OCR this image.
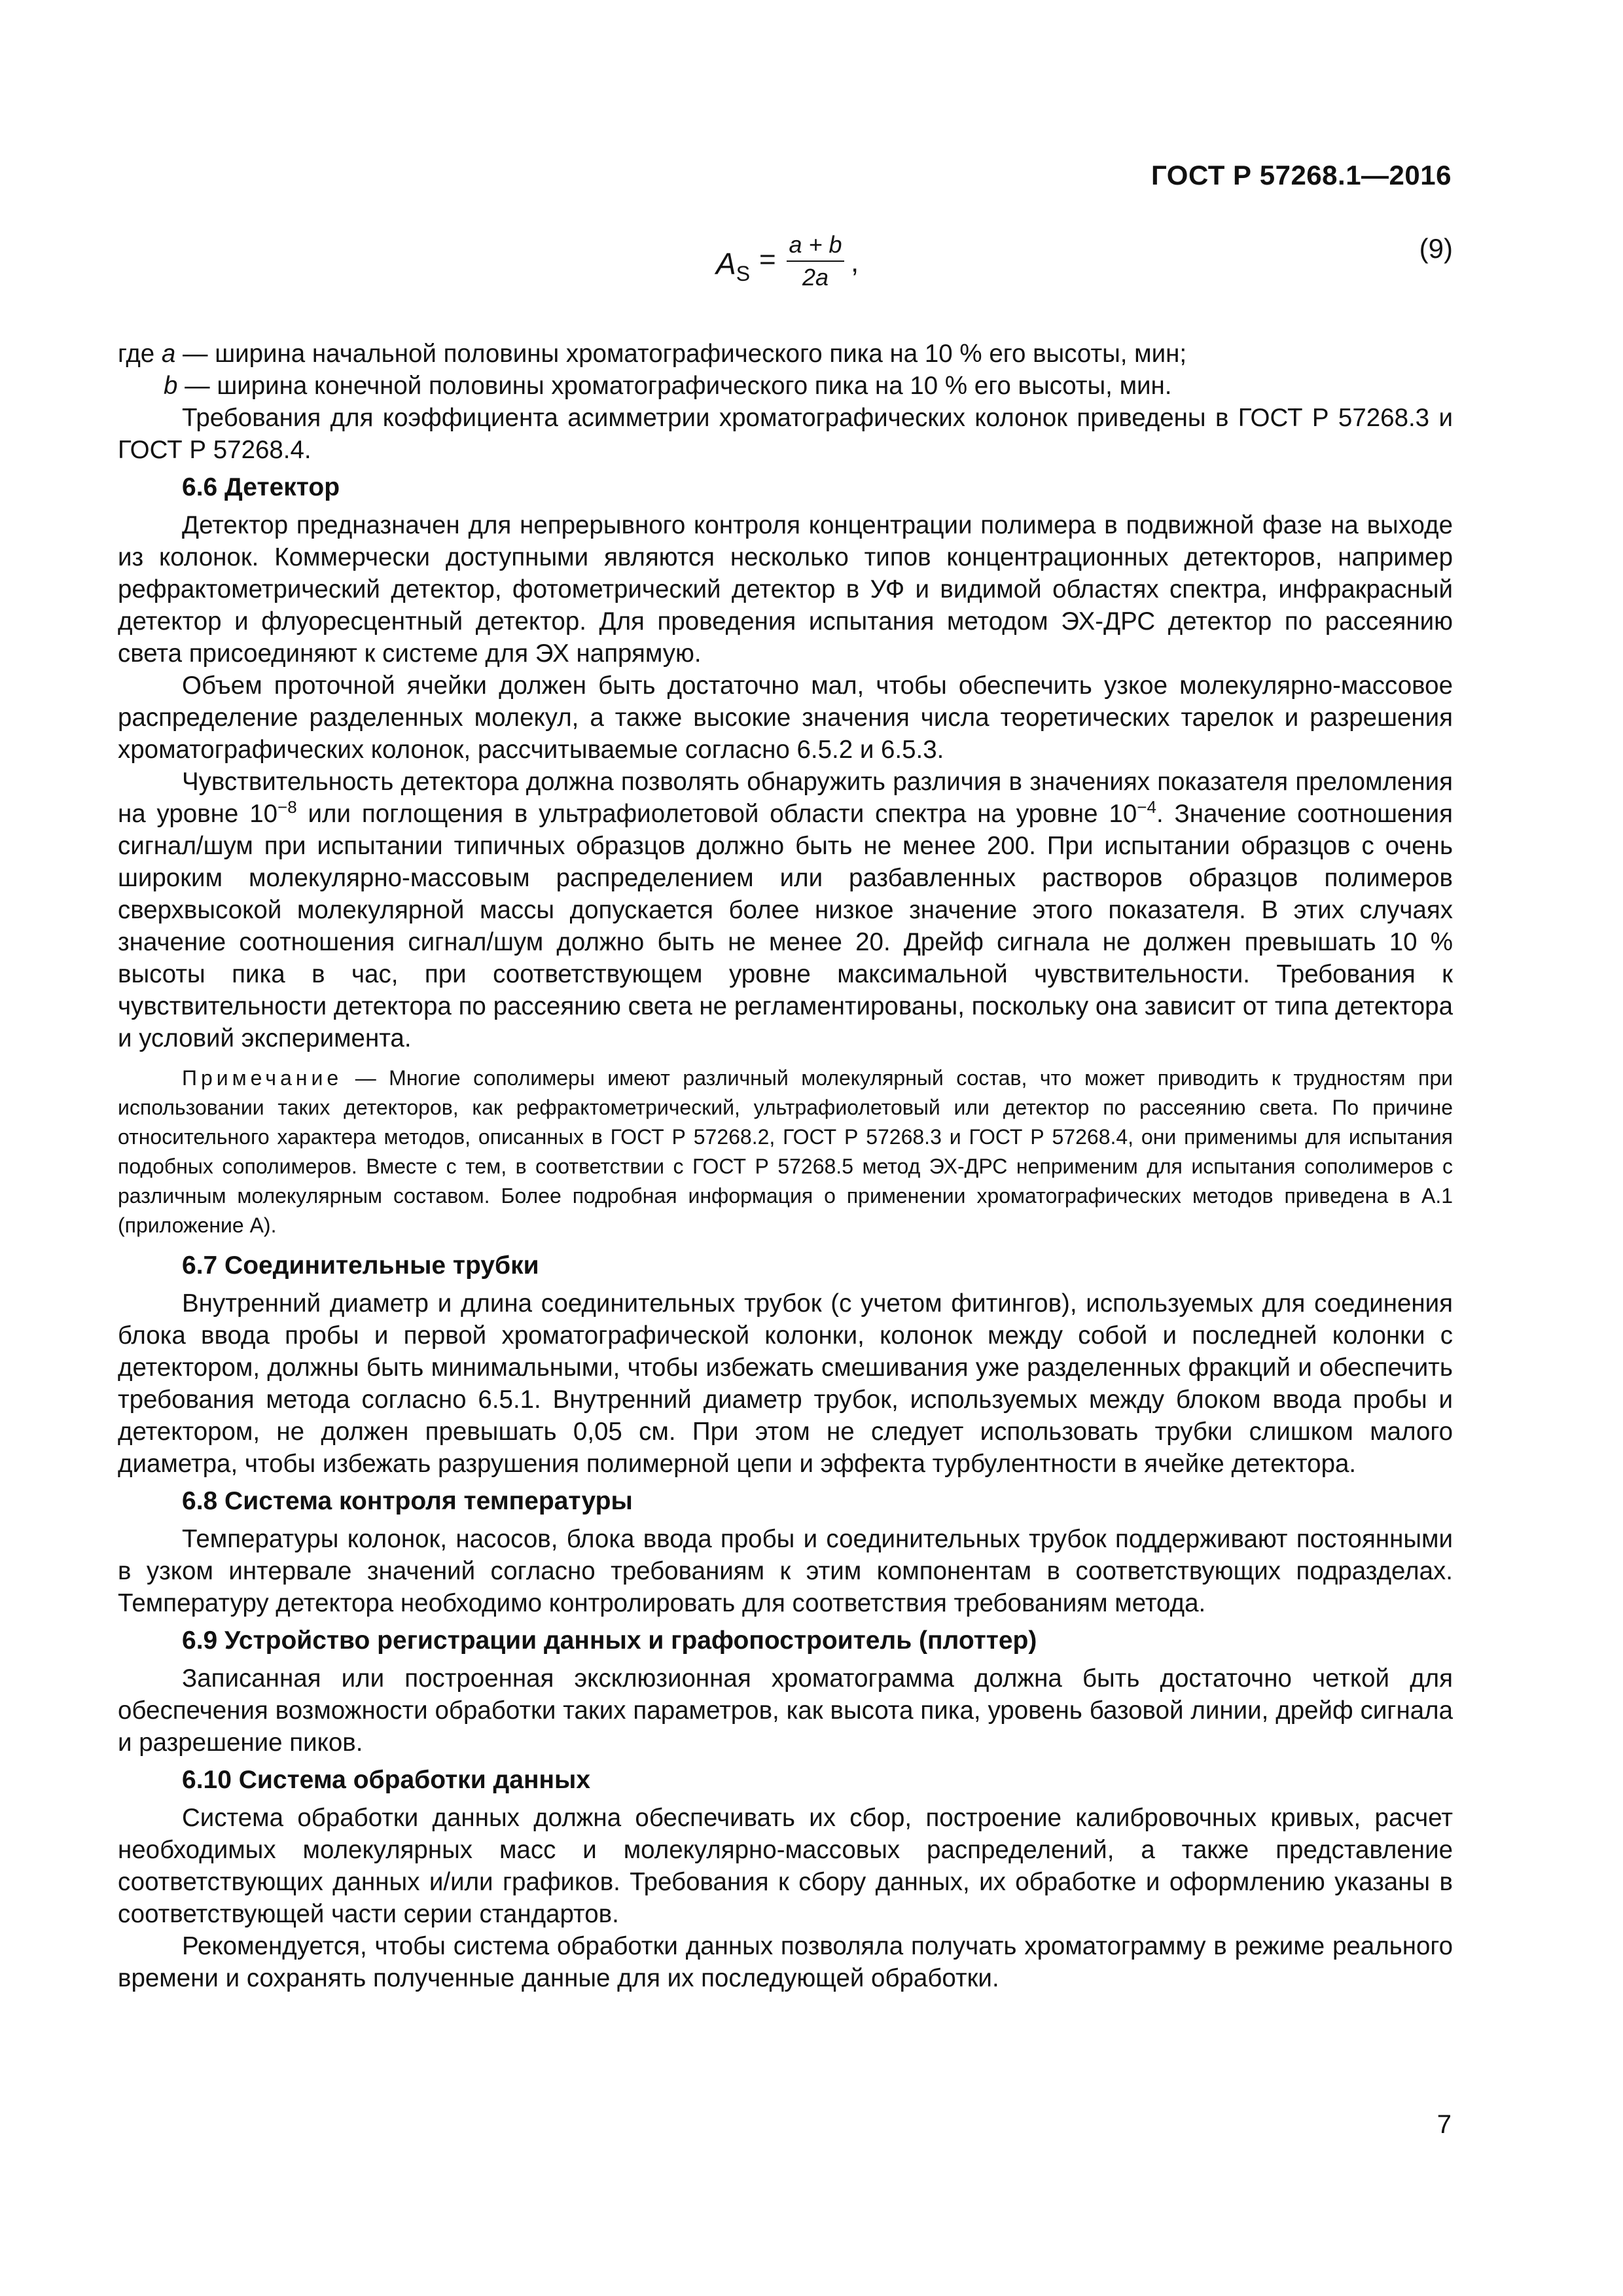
ГОСТ Р 57268.1—2016
$A_S = a + b$
2a ,	(9)

где a — ширина начальной половины хроматографического пика на 10 % его высоты, мин;

b — ширина конечной половины хроматографического пика на 10 % его высоты, мин.

Требования для коэффициента асимметрии хроматографических колонок приведены в ГОСТ Р 57268.3 и ГОСТ Р 57268.4.

6.6 Детектор

Детектор предназначен для непрерывного контроля концентрации полимера в подвижной фазе на выходе из колонок. Коммерчески доступными являются несколько типов концентрационных детекторов, например рефрактометрический детектор, фотометрический детектор в УФ и видимой областях спектра, инфракрасный детектор и флуоресцентный детектор. Для проведения испытания методом ЭХ-ДРС детектор по рассеянию света присоединяют к системе для ЭХ напрямую.

Объем проточной ячейки должен быть достаточно мал, чтобы обеспечить узкое молекулярно-массовое распределение разделенных молекул, а также высокие значения числа теоретических тарелок и разрешения хроматографических колонок, рассчитываемые согласно 6.5.2 и 6.5.3.

Чувствительность детектора должна позволять обнаружить различия в значениях показателя преломления на уровне $10^{-8}$ или поглощения в ультрафиолетовой области спектра на уровне $10^{-4}$. Значение соотношения сигнал/шум при испытании типичных образцов должно быть не менее 200. При испытании образцов с очень широким молекулярно-массовым распределением или разбавленных растворов образцов полимеров сверхвысокой молекулярной массы допускается более низкое значение этого показателя. В этих случаях значение соотношения сигнал/шум должно быть не менее 20. Дрейф сигнала не должен превышать 10 % высоты пика в час, при соответствующем уровне максимальной чувствительности. Требования к чувствительности детектора по рассеянию света не регламентированы, поскольку она зависит от типа детектора и условий эксперимента.

Примечание — Многие сополимеры имеют различный молекулярный состав, что может приводить к трудностям при использовании таких детекторов, как рефрактометрический, ультрафиолетовый или детектор по рассеянию света. По причине относительного характера методов, описанных в ГОСТ Р 57268.2, ГОСТ Р 57268.3 и ГОСТ Р 57268.4, они применимы для испытания подобных сополимеров. Вместе с тем, в соответствии с ГОСТ Р 57268.5 метод ЭХ-ДРС неприменим для испытания сополимеров с различным молекулярным составом. Более подробная информация о применении хроматографических методов приведена в А.1 (приложение А).
6.7 Соединительные трубки

Внутренний диаметр и длина соединительных трубок (с учетом фитингов), используемых для соединения блока ввода пробы и первой хроматографической колонки, колонок между собой и последней колонки с детектором, должны быть минимальными, чтобы избежать смешивания уже разделенных фракций и обеспечить требования метода согласно 6.5.1. Внутренний диаметр трубок, используемых между блоком ввода пробы и детектором, не должен превышать 0,05 см. При этом не следует использовать трубки слишком малого диаметра, чтобы избежать разрушения полимерной цепи и эффекта турбулентности в ячейке детектора.

6.8 Система контроля температуры

Температуры колонок, насосов, блока ввода пробы и соединительных трубок поддерживают постоянными в узком интервале значений согласно требованиям к этим компонентам в соответствующих подразделах. Температуру детектора необходимо контролировать для соответствия требованиям метода.

6.9 Устройство регистрации данных и графопостроитель (плоттер)

Записанная или построенная эксклюзионная хроматограмма должна быть достаточно четкой для обеспечения возможности обработки таких параметров, как высота пика, уровень базовой линии, дрейф сигнала и разрешение пиков.

6.10 Система обработки данных

Система обработки данных должна обеспечивать их сбор, построение калибровочных кривых, расчет необходимых молекулярных масс и молекулярно-массовых распределений, а также представление соответствующих данных и/или графиков. Требования к сбору данных, их обработке и оформлению указаны в соответствующей части серии стандартов.

Рекомендуется, чтобы система обработки данных позволяла получать хроматограмму в режиме реального времени и сохранять полученные данные для их последующей обработки.

7
